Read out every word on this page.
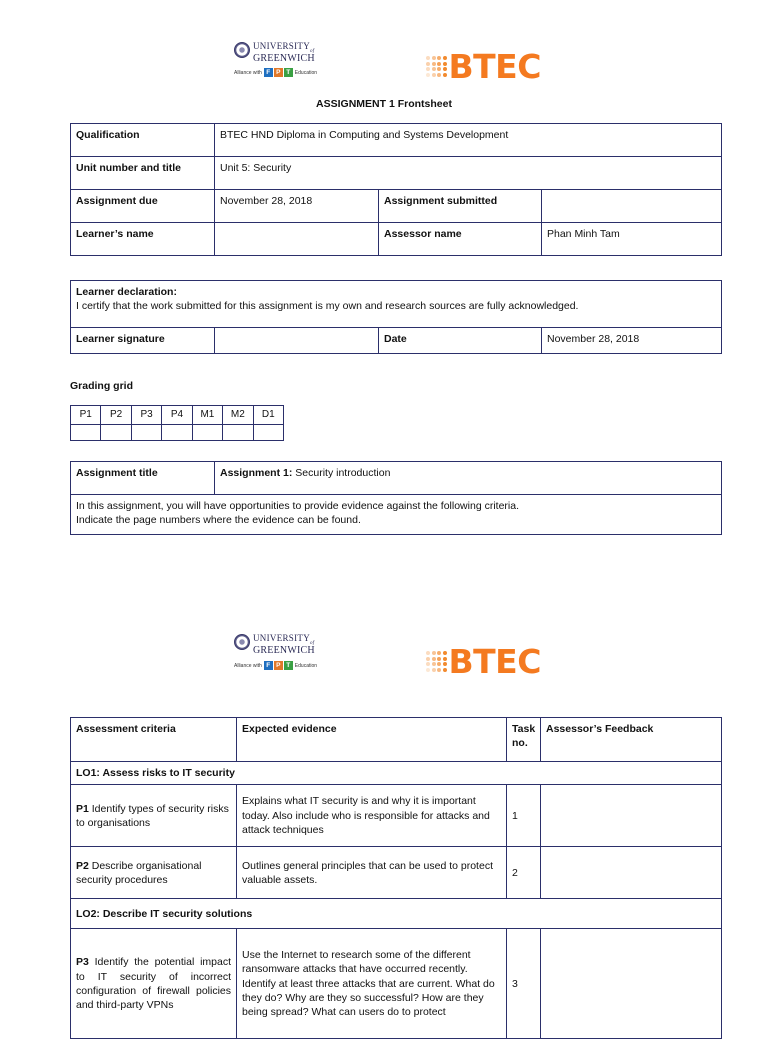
$UNIVERSITY_{of}$
GREENWICH
Alliance with F P T Education	BTEC
ASSIGNMENT 1 Frontsheet
Qualification	BTEC HND Diploma in Computing and Systems Development		
Unit number and title	Unit 5: Security		
Assignment due	November 28, 2018	Assignment submitted	
Learner’s name		Assessor name	Phan Minh Tam
Learner declaration:
I certify that the work submitted for this assignment is my own and research sources are fully acknowledged.

Learner signature		Date	November 28, 2018
Grading grid
P1	P2	P3	P4	M1	M2	D1

Assignment title	Assignment 1: Security introduction

In this assignment, you will have opportunities to provide evidence against the following criteria.
Indicate the page numbers where the evidence can be found.
$UNIVERSITY_{of}$
GREENWICH
Alliance with F P T Education	BTEC
Assessment criteria	Expected evidence	Task no.	Assessor’s Feedback
LO1: Assess risks to IT security			
P1 Identify types of security risks to organisations	Explains what IT security is and why it is important today. Also include who is responsible for attacks and attack techniques	1	
P2 Describe organisational security procedures	Outlines general principles that can be used to protect valuable assets.	2	
LO2: Describe IT security solutions			
P3 Identify the potential impact to IT security of incorrect configuration of firewall policies and third-party VPNs	Use the Internet to research some of the different ransomware attacks that have occurred recently. Identify at least three attacks that are current. What do they do? Why are they so successful? How are they being spread? What can users do to protect	3	
